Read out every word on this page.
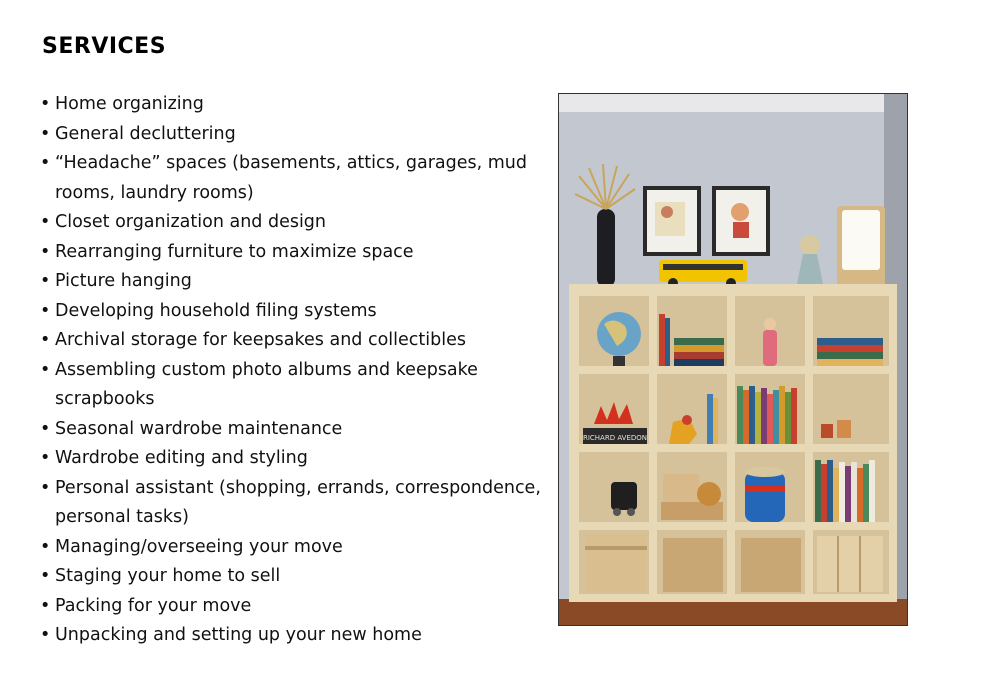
SERVICES
• Home organizing
• General decluttering
• “Headache” spaces (basements, attics, garages, mud rooms, laundry rooms)
• Closet organization and design
• Rearranging furniture to maximize space
• Picture hanging
• Developing household filing systems
• Archival storage for keepsakes and collectibles
• Assembling custom photo albums and keepsake scrapbooks
• Seasonal wardrobe maintenance
• Wardrobe editing and styling
• Personal assistant (shopping, errands, correspondence, personal tasks)
• Managing/overseeing your move
• Staging your home to sell
• Packing for your move
• Unpacking and setting up your new home
RICHARD AVEDON
